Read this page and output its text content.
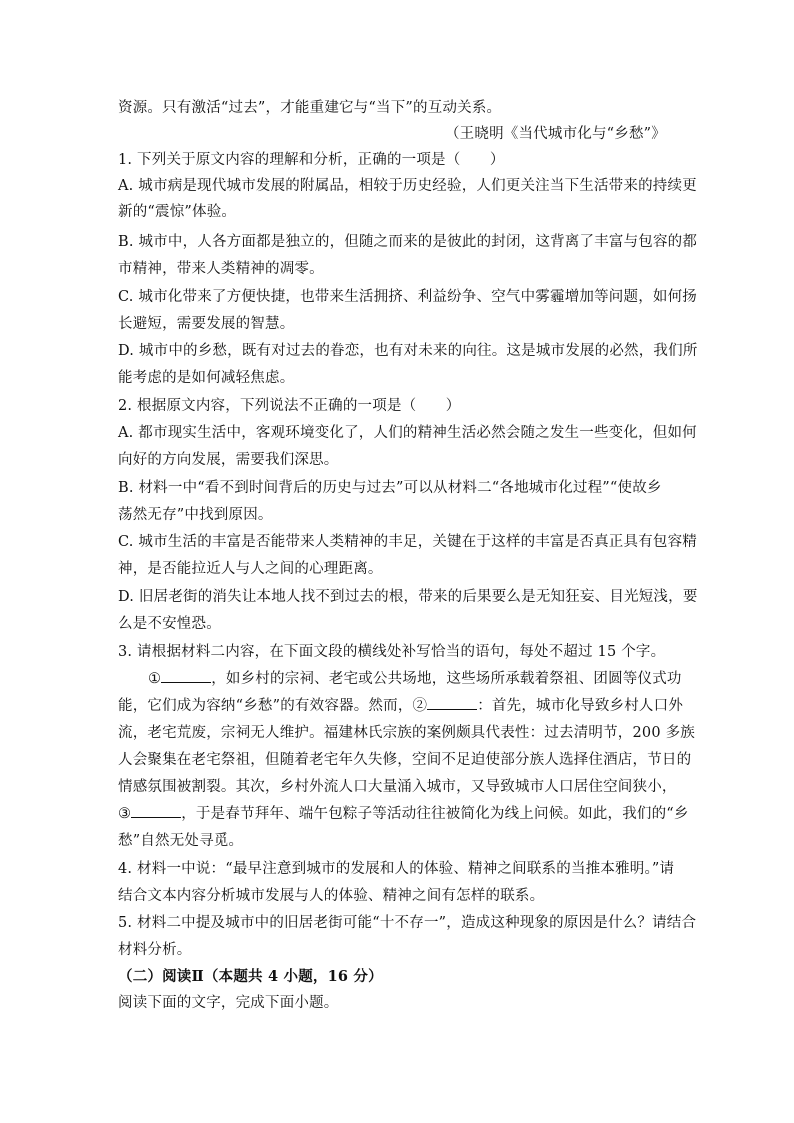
资源。只有激活“过去”，才能重建它与“当下”的互动关系。
（王晓明《当代城市化与“乡愁”》
1. 下列关于原文内容的理解和分析，正确的一项是（　　）
A. 城市病是现代城市发展的附属品，相较于历史经验，人们更关注当下生活带来的持续更
新的“震惊”体验。
B. 城市中，人各方面都是独立的，但随之而来的是彼此的封闭，这背离了丰富与包容的都
市精神，带来人类精神的凋零。
C. 城市化带来了方便快捷，也带来生活拥挤、利益纷争、空气中雾霾增加等问题，如何扬
长避短，需要发展的智慧。
D. 城市中的乡愁，既有对过去的眷恋，也有对未来的向往。这是城市发展的必然，我们所
能考虑的是如何减轻焦虑。
2. 根据原文内容，下列说法不正确的一项是（　　）
A. 都市现实生活中，客观环境变化了，人们的精神生活必然会随之发生一些变化，但如何
向好的方向发展，需要我们深思。
B. 材料一中“看不到时间背后的历史与过去”可以从材料二“各地城市化过程”“使故乡
荡然无存”中找到原因。
C. 城市生活的丰富是否能带来人类精神的丰足，关键在于这样的丰富是否真正具有包容精
神，是否能拉近人与人之间的心理距离。
D. 旧居老街的消失让本地人找不到过去的根，带来的后果要么是无知狂妄、目光短浅，要
么是不安惶恐。
3. 请根据材料二内容，在下面文段的横线处补写恰当的语句，每处不超过 15 个字。
①	，如乡村的宗祠、老宅或公共场地，这些场所承载着祭祖、团圆等仪式功
能，它们成为容纳“乡愁”的有效容器。然而，②	：首先，城市化导致乡村人口外
流，老宅荒废，宗祠无人维护。福建林氏宗族的案例颇具代表性：过去清明节，200 多族
人会聚集在老宅祭祖，但随着老宅年久失修，空间不足迫使部分族人选择住酒店，节日的
情感氛围被割裂。其次，乡村外流人口大量涌入城市，又导致城市人口居住空间狭小，
③	，于是春节拜年、端午包粽子等活动往往被简化为线上问候。如此，我们的“乡
愁”自然无处寻觅。
4. 材料一中说：“最早注意到城市的发展和人的体验、精神之间联系的当推本雅明。”请
结合文本内容分析城市发展与人的体验、精神之间有怎样的联系。
5. 材料二中提及城市中的旧居老街可能“十不存一”，造成这种现象的原因是什么？请结合
材料分析。
（二）阅读Ⅱ（本题共 4 小题，16 分）
阅读下面的文字，完成下面小题。
